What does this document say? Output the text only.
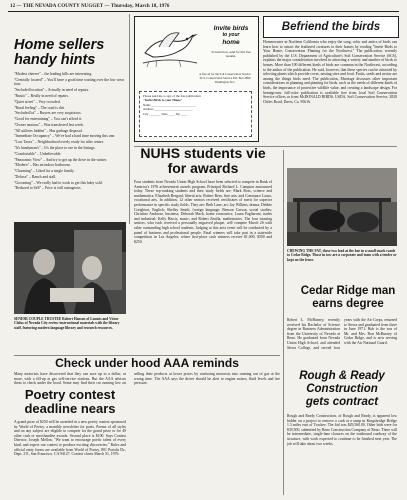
12 — THE NEVADA COUNTY NUGGET — Thursday, March 18, 1976
Home sellers handy hints

"Modest cheerer" – the leading bills are interesting.

"Centrally located" – You'll have a good time waiting over the low wear four.

"Secluded location" – Actually in need of repairs.

"Rustic" – Really in need of repairs.

"Quiet street" – Very crowded.

"Rural feeling" – The road is dirt.

"Secluded lot" – Buyers are very suspicious.

"Good for entertaining" – You can't afford it.

"Owner anxious" – Was transferred last week.

"All utilities hidden" – Has garbage disposal.

"Immediate Occupancy" – We've had a hard time moving this one.

"Low Taxes" – Neighborhood overly ready for tribe center.

"It's handyman's" – It's the place to see in the listings.

"Comfortable" – Unbelievable.

"Panoramic View" – And try to get up the drive in the winter.

"Modern" – Has an indoor bathroom.

"Charming" – Liked for a single family.

"Deluxe" – Ranch and stall.

"Grooming" – We really had to work to get this baby sold.

"Reduced to Sell" – Price is still outrageous.

Invite birds
to your
home
To learn how, send for this free booklet.
A free ad for the Soil Conservation Service
SCS, Conservation Service P.O. Box 2890 Washington D.C.
Please send me a copy of the free publication
"Invite Birds to your Home"
Name ____________________________
Address ________________________
City _______ State ____ Zip ____
Befriend the birds
Homeowners in Northern California who enjoy the song, color and antics of birds can learn how to attract the feathered creatures to their homes by reading "Invite Birds to Your Home, Conservation Planting for the Northwest." The publication, recently published by the U.S. Department of Agriculture's Soil Conservation Service (SCS), explains the major consideration involved in attracting a variety and number of birds to homes. More than 100 different kinds of birds are common in the Northwest, according to the author of the publication. He said, however, that these species can be attracted by selecting plants which provide cover, nesting sites and food. Fruits, seeds and nectar are among the things birds need. The publication, Marriage discusses other important considerations in planning and planting for birds, such as the needs of different kinds of birds, the importance of protective wildlife value, and creating a landscape design. For homegrown, full-color publication is available free from local Soil Conservation Service offices or from McDONALD BIRDS, USDA, Soil Conservation Service, 2828 Chiles Road, Davis, Ca. 95616.
NUHS students vie for awards
Four students from Nevada Union High School have been selected to compete in Bank of America's 1976 achievement awards program, Principal Richard L. Campion announced today. These top-ranking students and their study fields are: Mark Ross, science and mathematics; Elizabeth Bergard, liberal arts; Robert Rees, fine arts; and Constance Lauro, vocational arts. In addition, 12 other seniors received certificates of merit for superior performance in specific study fields. They are: Beth Lane, art; Jay Wilkins, drama; Debbie Creighton, English; Shelley Smith, foreign language; Benson Carson, social studies; Christine Ambrose, business; Deborah Mack, home economics; Laura Pagliaroni, trades and industrial; Kelly Harris, music; and Robert Zmilla, mathematics. The four winning seniors, who each received a personally engraved plaque, will compete March 26 with other outstanding high school students. Judging at this area event will be conducted by a panel of business and professional people. Final winners will take part in a statewide competition in Los Angeles, where first-place cash winners receive $1,000, $500 and $250.
SENIOR COUPLE TRUSTEE Robert Hansen of Loomis and Victor Clolus of Nevada City review instructional materials with the library staff, featuring modern language library and research resources.
CHEWING THE FAT, these two lead at the bar in a small snack ranch to Cedar Ridge. Those in tow are a corporate and team with a tender or kept on the fence.
Cedar Ridge man earns degree
Robert L. McBurney, recently received his Bachelor of Science degree in Business Administration from the University of Nevada at Reno. He graduated from Nevada Union High School, and attended Sierra College, and served four years with the Air Corps, returned to Sierra and graduated from there in June 1971. Bob is the son of Mr. and Mrs. Ron McBurney of Cedar Ridge, and is now serving with the Air National Guard.
Rough & Ready
Construction
gets contract
Rough and Ready Construction, of Rough and Ready, is apparent low bidder on a project to remove a curb at a ramp in Kingsbridge Bridge 1.3 miles east of Truckee. The bid was $29,560.00. Other bids were for $39,500, submitted by Reno Construction Company of Reno. There will be intermediate, single-lane closures on the eastbound roadway of the structure, with work expected to continue to be finished next year. The job will take about two weeks.
Check under hood AAA reminds
Many motorists have discovered that they can save up to a dollar, or more, with a fill-up at gas self-service stations. But the AAA advises them to check under the hood. Some may find their car running low on
Poetry contest
deadline nears
A grand prize of $250 will be awarded in a new poetry contest sponsored by World of Poetry, a monthly newsletter for poets. Poems of all styles and on any subject are eligible to compete for the grand prize or for 49 other cash or merchandise awards. Second place is $100. Says Contest Director, Joseph Mellon, "We want to encourage poetic talent of every kind, and expect our contest to produce exciting discoveries." Rules and official entry forms are available from World of Poetry, 801 Portola Dr., Dept. 211, San Francisco, CA 94127. Contest closes March 31, 1976.
selling their products at lower prices by confusing motorists into running out of gas at the wrong time. The AAA says the driver should be alert to engine noises, fluid levels and tire pressure.
